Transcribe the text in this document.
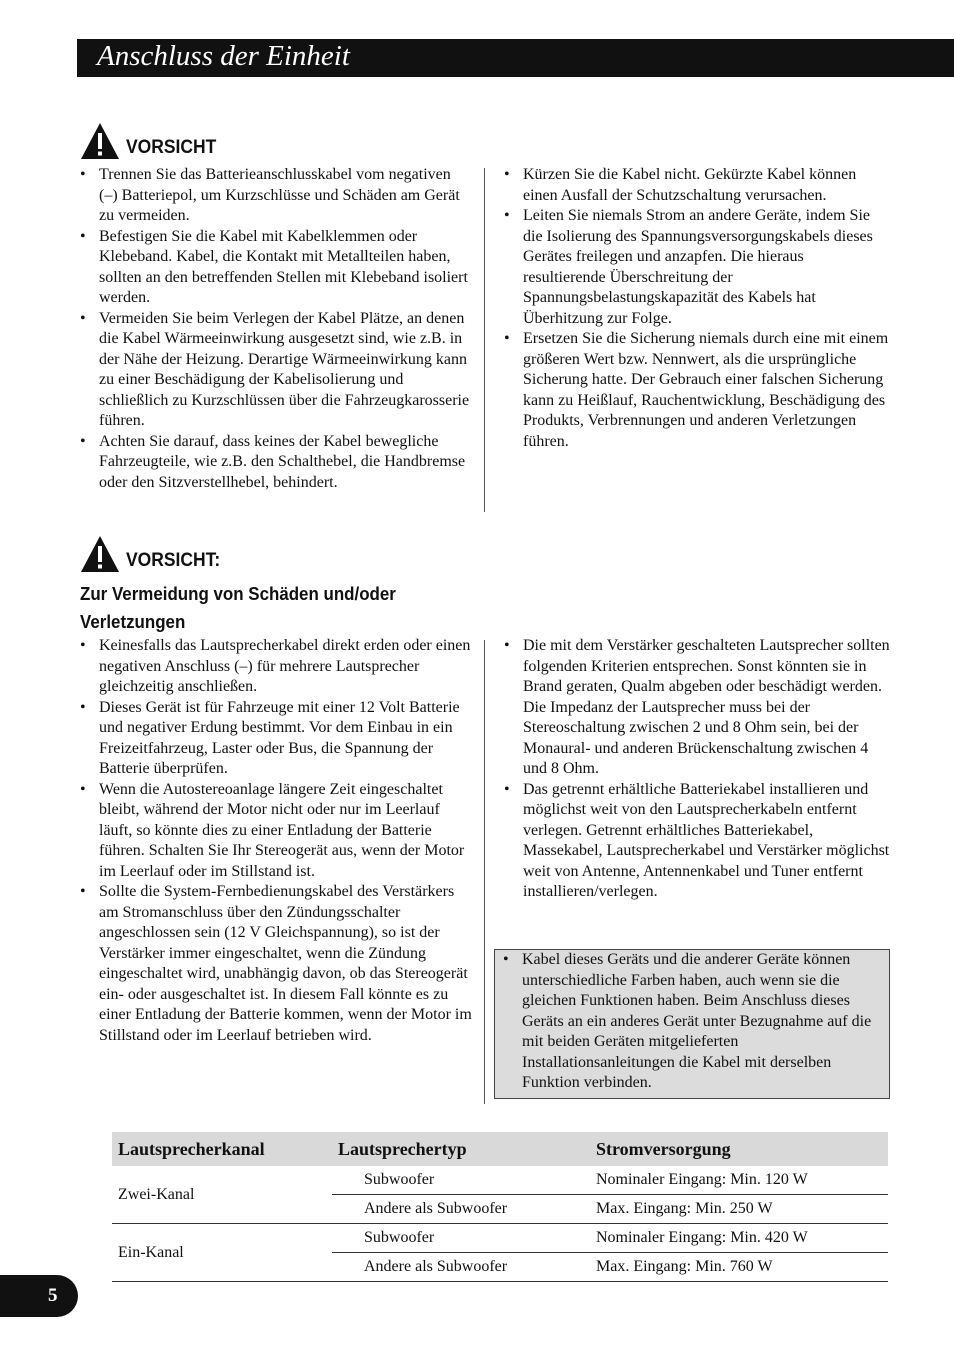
Anschluss der Einheit
VORSICHT
• Trennen Sie das Batterieanschlusskabel vom negativen (–) Batteriepol, um Kurzschlüsse und Schäden am Gerät zu vermeiden.
• Befestigen Sie die Kabel mit Kabelklemmen oder Klebeband. Kabel, die Kontakt mit Metallteilen haben, sollten an den betreffenden Stellen mit Klebeband isoliert werden.
• Vermeiden Sie beim Verlegen der Kabel Plätze, an denen die Kabel Wärmeeinwirkung ausgesetzt sind, wie z.B. in der Nähe der Heizung. Derartige Wärmeeinwirkung kann zu einer Beschädigung der Kabelisolierung und schließlich zu Kurzschlüssen über die Fahrzeugkarosserie führen.
• Achten Sie darauf, dass keines der Kabel bewegliche Fahrzeugteile, wie z.B. den Schalthebel, die Handbremse oder den Sitzverstellhebel, behindert.
• Kürzen Sie die Kabel nicht. Gekürzte Kabel können einen Ausfall der Schutzschaltung verursachen.
• Leiten Sie niemals Strom an andere Geräte, indem Sie die Isolierung des Spannungsversorgungskabels dieses Gerätes freilegen und anzapfen. Die hieraus resultierende Überschreitung der Spannungsbelastungskapazität des Kabels hat Überhitzung zur Folge.
• Ersetzen Sie die Sicherung niemals durch eine mit einem größeren Wert bzw. Nennwert, als die ursprüngliche Sicherung hatte. Der Gebrauch einer falschen Sicherung kann zu Heißlauf, Rauchentwicklung, Beschädigung des Produkts, Verbrennungen und anderen Verletzungen führen.
VORSICHT:
Zur Vermeidung von Schäden und/oder Verletzungen
• Keinesfalls das Lautsprecherkabel direkt erden oder einen negativen Anschluss (–) für mehrere Lautsprecher gleichzeitig anschließen.
• Dieses Gerät ist für Fahrzeuge mit einer 12 Volt Batterie und negativer Erdung bestimmt. Vor dem Einbau in ein Freizeitfahrzeug, Laster oder Bus, die Spannung der Batterie überprüfen.
• Wenn die Autostereoanlage längere Zeit eingeschaltet bleibt, während der Motor nicht oder nur im Leerlauf läuft, so könnte dies zu einer Entladung der Batterie führen. Schalten Sie Ihr Stereogerät aus, wenn der Motor im Leerlauf oder im Stillstand ist.
• Sollte die System-Fernbedienungskabel des Verstärkers am Stromanschluss über den Zündungsschalter angeschlossen sein (12 V Gleichspannung), so ist der Verstärker immer eingeschaltet, wenn die Zündung eingeschaltet wird, unabhängig davon, ob das Stereogerät ein- oder ausgeschaltet ist. In diesem Fall könnte es zu einer Entladung der Batterie kommen, wenn der Motor im Stillstand oder im Leerlauf betrieben wird.
• Die mit dem Verstärker geschalteten Lautsprecher sollten folgenden Kriterien entsprechen. Sonst könnten sie in Brand geraten, Qualm abgeben oder beschädigt werden. Die Impedanz der Lautsprecher muss bei der Stereoschaltung zwischen 2 und 8 Ohm sein, bei der Monaural- und anderen Brückenschaltung zwischen 4 und 8 Ohm.
• Das getrennt erhältliche Batteriekabel installieren und möglichst weit von den Lautsprecherkabeln entfernt verlegen. Getrennt erhältliches Batteriekabel, Massekabel, Lautsprecherkabel und Verstärker möglichst weit von Antenne, Antennenkabel und Tuner entfernt installieren/verlegen.
• Kabel dieses Geräts und die anderer Geräte können unterschiedliche Farben haben, auch wenn sie die gleichen Funktionen haben. Beim Anschluss dieses Geräts an ein anderes Gerät unter Bezugnahme auf die mit beiden Geräten mitgelieferten Installationsanleitungen die Kabel mit derselben Funktion verbinden.
Lautsprecherkanal	Lautsprechertyp	Stromversorgung
Zwei-Kanal	Subwoofer	Nominaler Eingang: Min. 120 W
	Andere als Subwoofer	Max. Eingang: Min. 250 W
Ein-Kanal	Subwoofer	Nominaler Eingang: Min. 420 W
	Andere als Subwoofer	Max. Eingang: Min. 760 W
5
